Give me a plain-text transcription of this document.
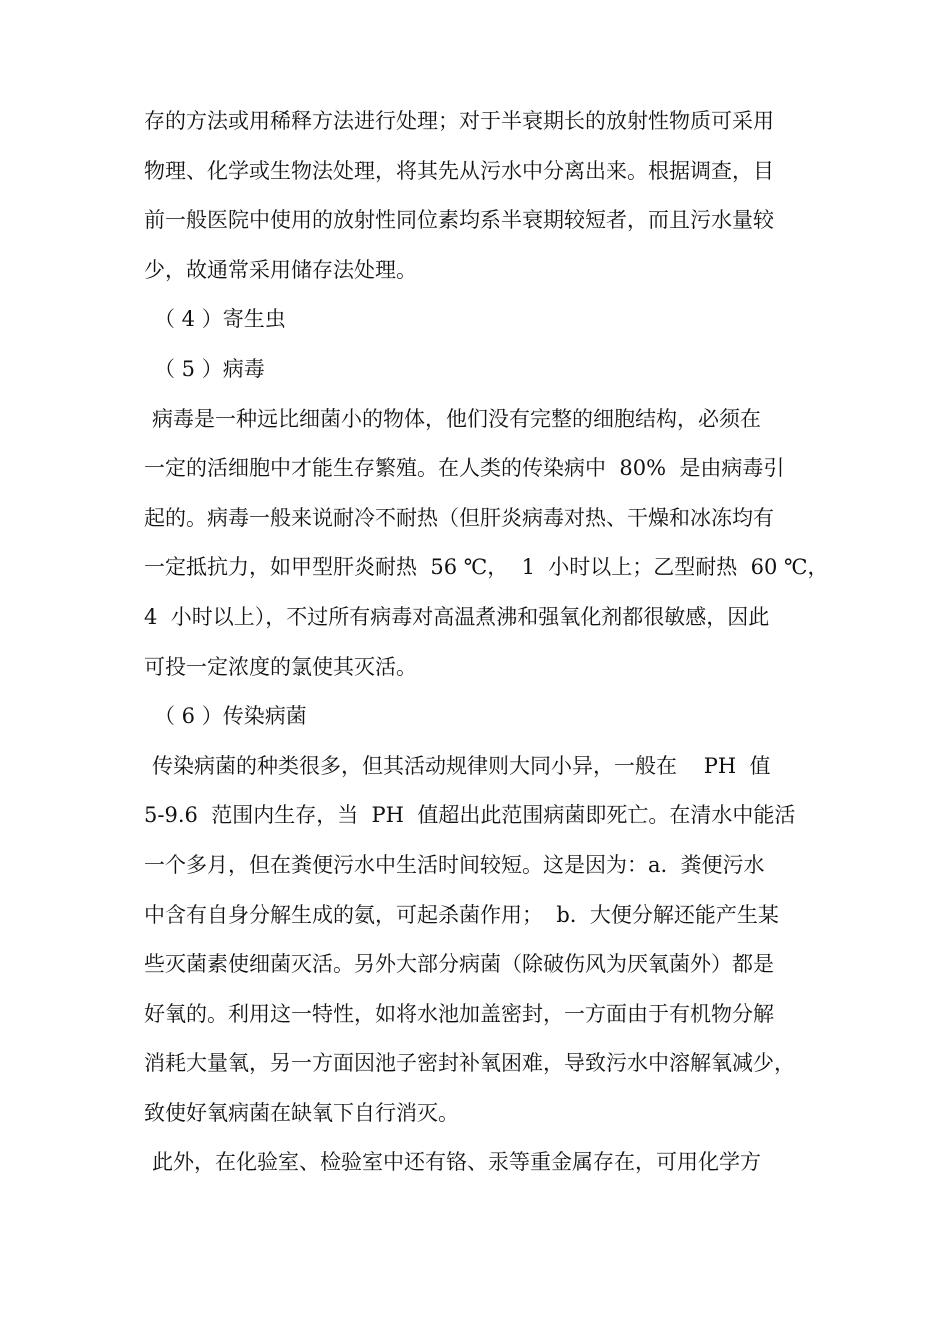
存的方法或用稀释方法进行处理；对于半衰期长的放射性物质可采用
物理、化学或生物法处理，将其先从污水中分离出来。根据调查，目
前一般医院中使用的放射性同位素均系半衰期较短者，而且污水量较
少，故通常采用储存法处理。
（ 4 ）寄生虫
（ 5 ）病毒
病毒是一种远比细菌小的物体，他们没有完整的细胞结构，必须在
一定的活细胞中才能生存繁殖。在人类的传染病中  80%  是由病毒引
起的。病毒一般来说耐冷不耐热（但肝炎病毒对热、干燥和冰冻均有
一定抵抗力，如甲型肝炎耐热  56 ℃，  1  小时以上；乙型耐热  60 ℃，
4  小时以上），不过所有病毒对高温煮沸和强氧化剂都很敏感，因此
可投一定浓度的氯使其灭活。
（ 6 ）传染病菌
传染病菌的种类很多，但其活动规律则大同小异，一般在    PH  值
5-9.6  范围内生存，当  PH  值超出此范围病菌即死亡。在清水中能活
一个多月，但在粪便污水中生活时间较短。这是因为：a.  粪便污水
中含有自身分解生成的氨，可起杀菌作用；  b.  大便分解还能产生某
些灭菌素使细菌灭活。另外大部分病菌（除破伤风为厌氧菌外）都是
好氧的。利用这一特性，如将水池加盖密封，一方面由于有机物分解
消耗大量氧，另一方面因池子密封补氧困难，导致污水中溶解氧减少，
致使好氧病菌在缺氧下自行消灭。
此外，在化验室、检验室中还有铬、汞等重金属存在，可用化学方
